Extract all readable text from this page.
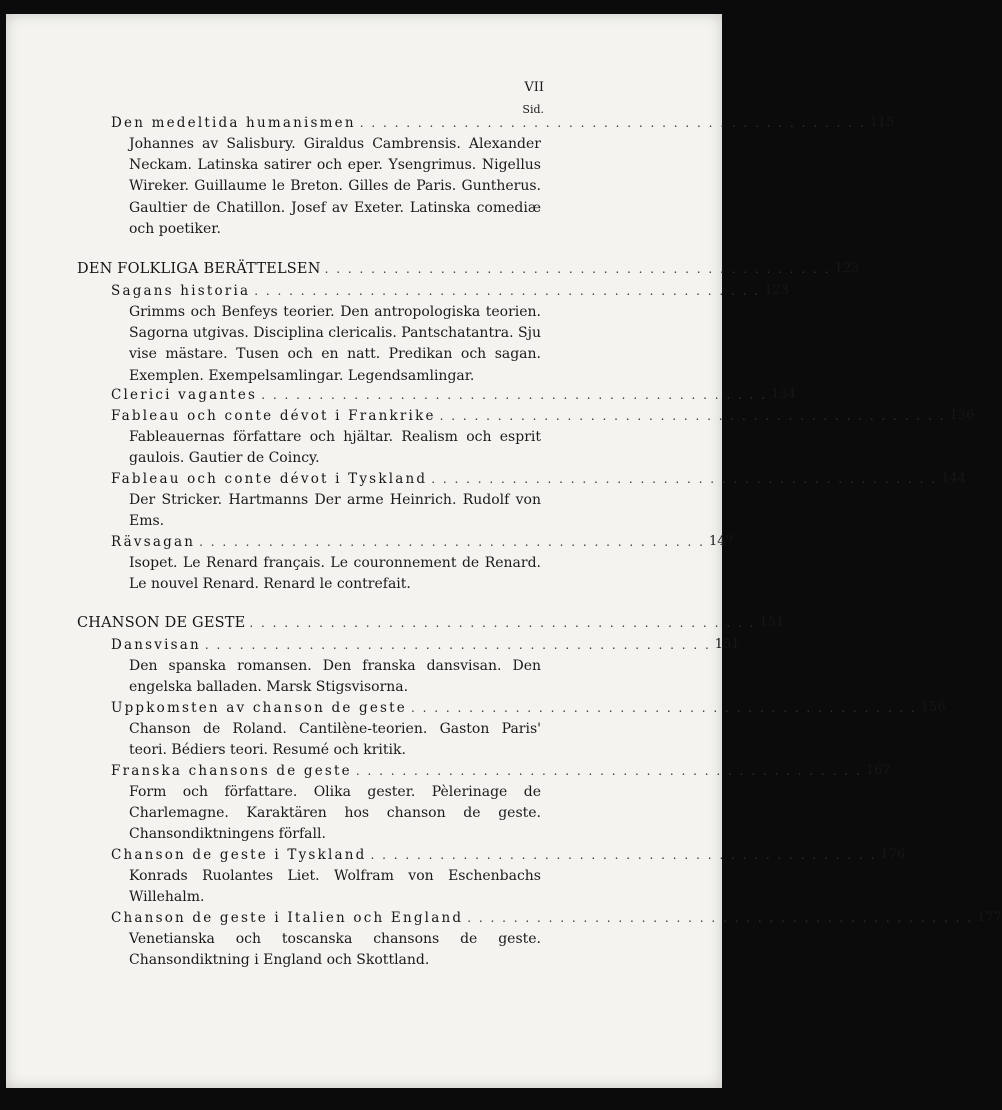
VII
Sid.
Den medeltida humanismen . . . . . . . . . . . . . . . . . . . . . . . . . . . . . . . . . . . . . . . . . . . . 115
Johannes av Salisbury. Giraldus Cambrensis. Alexander Neckam. Latinska satirer och eper. Ysengrimus. Nigellus Wireker. Guillaume le Breton. Gilles de Paris. Guntherus. Gaultier de Chatillon. Josef av Exeter. Latinska comediæ och poetiker.
DEN FOLKLIGA BERÄTTELSEN . . . . . . . . . . . . . . . . . . . . . . . . . . . . . . . . . . . . . . . . . . . . 123
Sagans historia . . . . . . . . . . . . . . . . . . . . . . . . . . . . . . . . . . . . . . . . . . . . 123
Grimms och Benfeys teorier. Den antropologiska teorien. Sagorna utgivas. Disciplina clericalis. Pantschatantra. Sju vise mästare. Tusen och en natt. Predikan och sagan. Exemplen. Exempelsamlingar. Legendsamlingar.
Clerici vagantes . . . . . . . . . . . . . . . . . . . . . . . . . . . . . . . . . . . . . . . . . . . . 134
Fableau och conte dévot i Frankrike . . . . . . . . . . . . . . . . . . . . . . . . . . . . . . . . . . . . . . . . . . . . 136
Fableauernas författare och hjältar. Realism och esprit gaulois. Gautier de Coincy.
Fableau och conte dévot i Tyskland . . . . . . . . . . . . . . . . . . . . . . . . . . . . . . . . . . . . . . . . . . . . 144
Der Stricker. Hartmanns Der arme Heinrich. Rudolf von Ems.
Rävsagan . . . . . . . . . . . . . . . . . . . . . . . . . . . . . . . . . . . . . . . . . . . . 147
Isopet. Le Renard français. Le couronnement de Renard. Le nouvel Renard. Renard le contrefait.
CHANSON DE GESTE . . . . . . . . . . . . . . . . . . . . . . . . . . . . . . . . . . . . . . . . . . . . 151
Dansvisan . . . . . . . . . . . . . . . . . . . . . . . . . . . . . . . . . . . . . . . . . . . . 151
Den spanska romansen. Den franska dansvisan. Den engelska balladen. Marsk Stigsvisorna.
Uppkomsten av chanson de geste . . . . . . . . . . . . . . . . . . . . . . . . . . . . . . . . . . . . . . . . . . . . 156
Chanson de Roland. Cantilène-teorien. Gaston Paris' teori. Bédiers teori. Resumé och kritik.
Franska chansons de geste . . . . . . . . . . . . . . . . . . . . . . . . . . . . . . . . . . . . . . . . . . . . 167
Form och författare. Olika gester. Pèlerinage de Charlemagne. Karaktären hos chanson de geste. Chansondiktningens förfall.
Chanson de geste i Tyskland . . . . . . . . . . . . . . . . . . . . . . . . . . . . . . . . . . . . . . . . . . . . 176
Konrads Ruolantes Liet. Wolfram von Eschenbachs Willehalm.
Chanson de geste i Italien och England . . . . . . . . . . . . . . . . . . . . . . . . . . . . . . . . . . . . . . . . . . . . 177
Venetianska och toscanska chansons de geste. Chansondiktning i England och Skottland.
